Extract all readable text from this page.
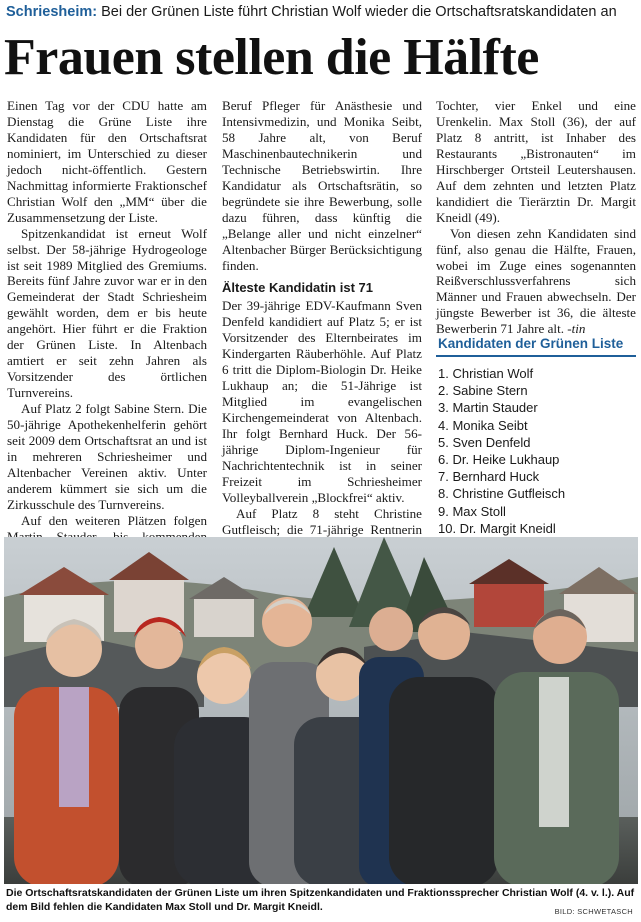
Schriesheim: Bei der Grünen Liste führt Christian Wolf wieder die Ortschaftsratskandidaten an
Frauen stellen die Hälfte

Einen Tag vor der CDU hatte am Dienstag die Grüne Liste ihre Kandidaten für den Ortschaftsrat nominiert, im Unterschied zu dieser jedoch nicht-öffentlich. Gestern Nachmittag informierte Fraktionschef Christian Wolf den „MM“ über die Zusammensetzung der Liste.

Spitzenkandidat ist erneut Wolf selbst. Der 58-jährige Hydrogeologe ist seit 1989 Mitglied des Gremiums. Bereits fünf Jahre zuvor war er in den Gemeinderat der Stadt Schriesheim gewählt worden, dem er bis heute angehört. Hier führt er die Fraktion der Grünen Liste. In Altenbach amtiert er seit zehn Jahren als Vorsitzender des örtlichen Turnvereins.

Auf Platz 2 folgt Sabine Stern. Die 50-jährige Apothekenhelferin gehört seit 2009 dem Ortschaftsrat an und ist in mehreren Schriesheimer und Altenbacher Vereinen aktiv. Unter anderem kümmert sie sich um die Zirkusschule des Turnvereins.

Auf den weiteren Plätzen folgen

Beruf Pfleger für Anästhesie und Intensivmedizin, und Monika Seibt, 58 Jahre alt, von Beruf Maschinenbautechnikerin und Technische Betriebswirtin. Ihre Kandidatur als Ortschaftsrätin, so begründete sie ihre Bewerbung, solle dazu führen, dass künftig die „Belange aller und nicht einzelner“ Altenbacher Bürger Berücksichtigung finden.

Älteste Kandidatin ist 71

Der 39-jährige EDV-Kaufmann Sven Denfeld kandidiert auf Platz 5; er ist Vorsitzender des Elternbeirates im Kindergarten Räuberhöhle. Auf Platz 6 tritt die Diplom-Biologin Dr. Heike Lukhaup an; die 51-Jährige ist Mitglied im evangelischen Kirchengemeinderat von Altenbach. Ihr folgt Bernhard Huck. Der 56-jährige Diplom-Ingenieur für Nachrichtentechnik ist in seiner Freizeit im Schriesheimer Volleyballverein „Blockfrei“ aktiv.

Auf Platz 8 steht Christine Gutfleisch; die 71-jährige Rentnerin

Tochter, vier Enkel und eine Urenkelin. Max Stoll (36), der auf Platz 8 antritt, ist Inhaber des Restaurants „Bistronauten“ im Hirschberger Ortsteil Leutershausen. Auf dem zehnten und letzten Platz kandidiert die Tierärztin Dr. Margit Kneidl (49).

Von diesen zehn Kandidaten sind fünf, also genau die Hälfte, Frauen, wobei im Zuge eines sogenannten Reißverschlussverfahrens sich Männer und Frauen abwechseln. Der jüngste Bewerber ist 36, die älteste Bewerberin 71 Jahre alt. -tin

Kandidaten der Grünen Liste
1. Christian Wolf
2. Sabine Stern
3. Martin Stauder
4. Monika Seibt
5. Sven Denfeld
6. Dr. Heike Lukhaup
7. Bernhard Huck
8. Christine Gutfleisch
9. Max Stoll
10. Dr. Margit Kneidl
Die Ortschaftsratskandidaten der Grünen Liste um ihren Spitzenkandidaten und Fraktionssprecher Christian Wolf (4. v. l.). Auf dem Bild fehlen die Kandidaten Max Stoll und Dr. Margit Kneidl.	BILD: SCHWETASCH
